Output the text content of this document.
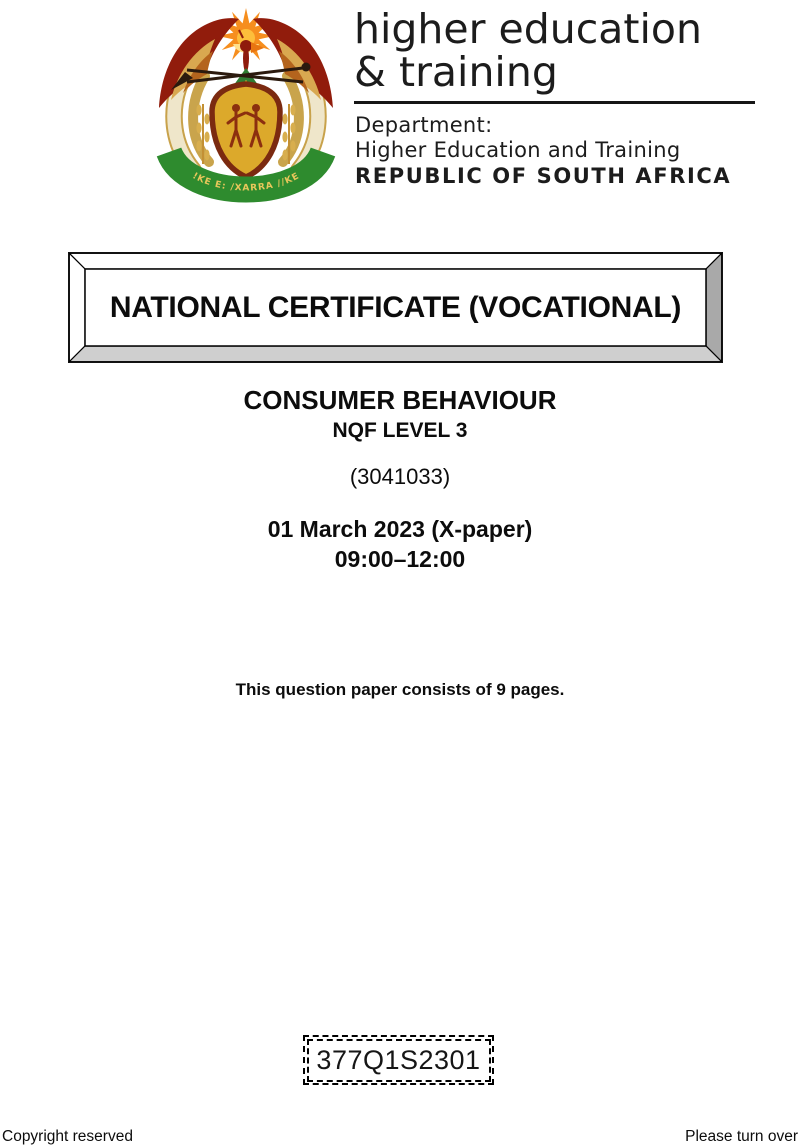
!KE E: /XARRA //KE
higher education
& training
Department:
Higher Education and Training
REPUBLIC OF SOUTH AFRICA
NATIONAL CERTIFICATE (VOCATIONAL)
CONSUMER BEHAVIOUR
NQF LEVEL 3
(3041033)
01 March 2023 (X-paper)
09:00–12:00
This question paper consists of 9 pages.
377Q1S2301
Copyright reserved	Please turn over
